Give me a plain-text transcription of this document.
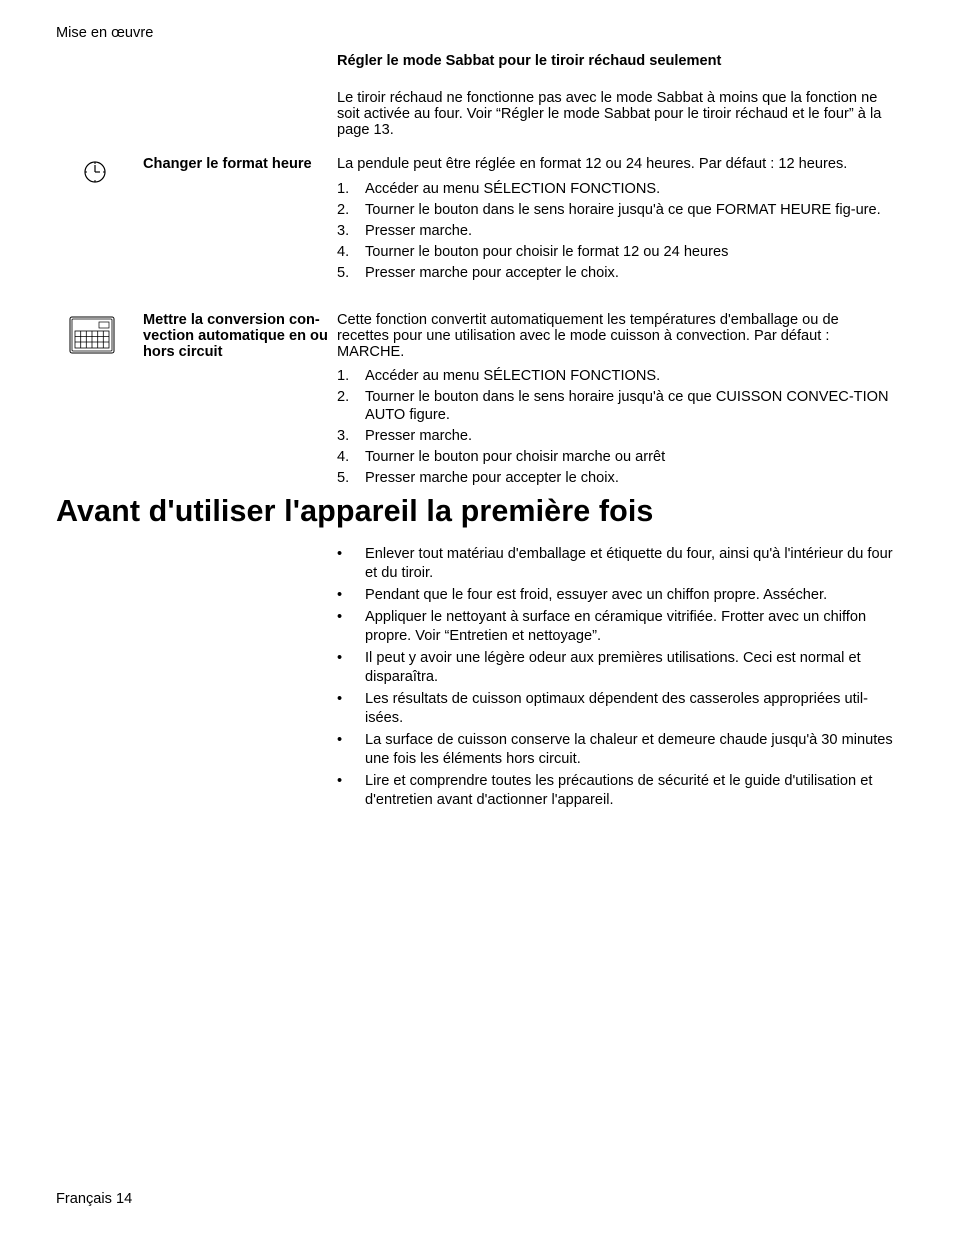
Mise en œuvre
Régler le mode Sabbat pour le tiroir réchaud seulement

Le tiroir réchaud ne fonctionne pas avec le mode Sabbat à moins que la fonction ne soit activée au four. Voir “Régler le mode Sabbat pour le tiroir réchaud et le four” à la page 13.

Changer le format heure	La pendule peut être réglée en format 12 ou 24 heures. Par défaut : 12 heures.

1. Accéder au menu SÉLECTION FONCTIONS.
2. Tourner le bouton dans le sens horaire jusqu'à ce que FORMAT HEURE fig-ure.
3. Presser marche.
4. Tourner le bouton pour choisir le format 12 ou 24 heures
5. Presser marche pour accepter le choix.
Mettre la conversion con-vection automatique en ou hors circuit

Cette fonction convertit automatiquement les températures d'emballage ou de recettes pour une utilisation avec le mode cuisson à convection. Par défaut : MARCHE.

1. Accéder au menu SÉLECTION FONCTIONS.
2. Tourner le bouton dans le sens horaire jusqu'à ce que CUISSON CONVEC-TION AUTO figure.
3. Presser marche.
4. Tourner le bouton pour choisir marche ou arrêt
5. Presser marche pour accepter le choix.
Avant d'utiliser l'appareil la première fois
• Enlever tout matériau d'emballage et étiquette du four, ainsi qu'à l'intérieur du four et du tiroir.
• Pendant que le four est froid, essuyer avec un chiffon propre. Assécher.
• Appliquer le nettoyant à surface en céramique vitrifiée. Frotter avec un chiffon propre. Voir “Entretien et nettoyage”.
• Il peut y avoir une légère odeur aux premières utilisations. Ceci est normal et disparaîtra.
• Les résultats de cuisson optimaux dépendent des casseroles appropriées util-isées.
• La surface de cuisson conserve la chaleur et demeure chaude jusqu'à 30 minutes une fois les éléments hors circuit.
• Lire et comprendre toutes les précautions de sécurité et le guide d'utilisation et d'entretien avant d'actionner l'appareil.
Français 14
